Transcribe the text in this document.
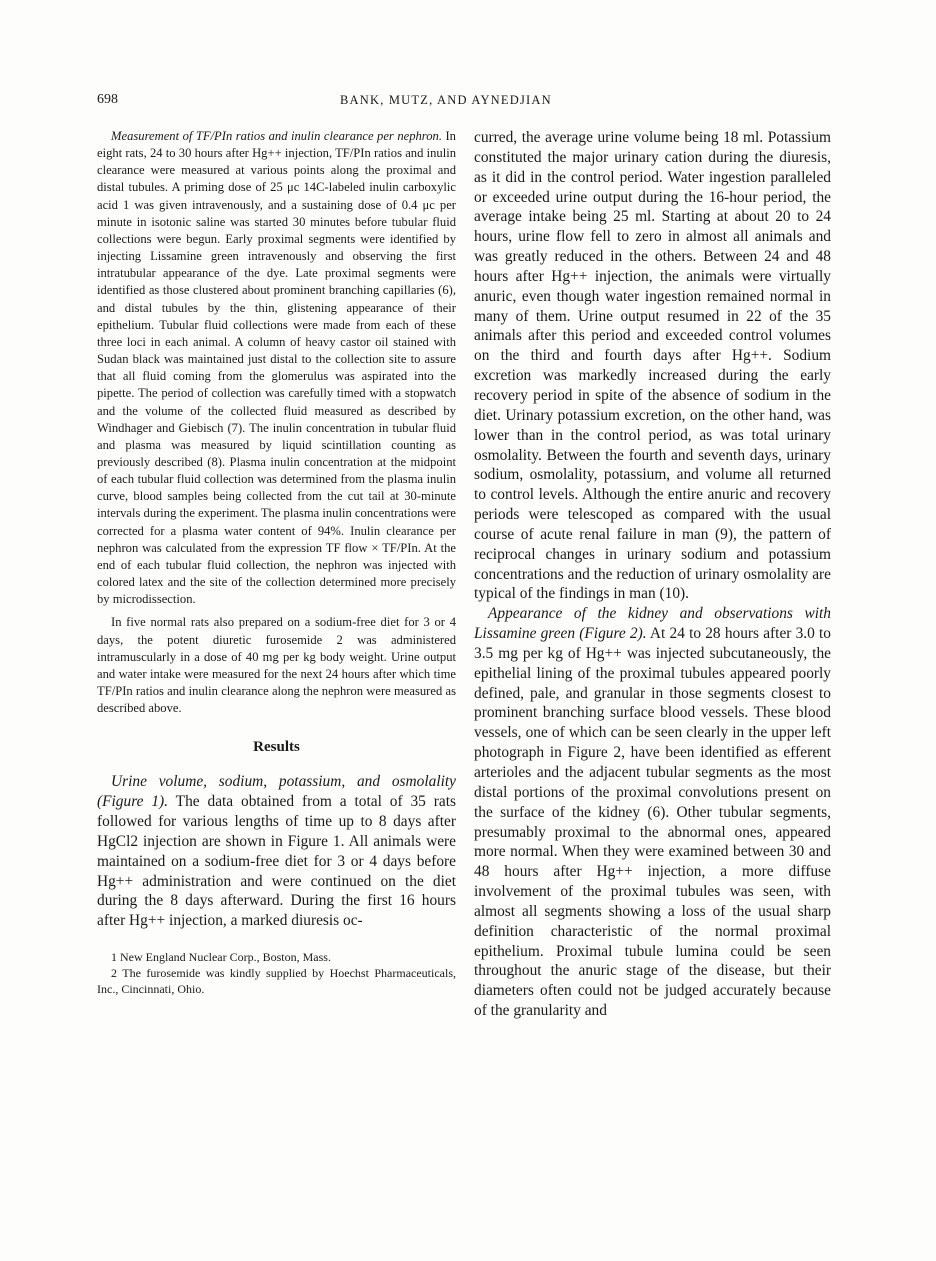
698	BANK, MUTZ, AND AYNEDJIAN

Measurement of TF/PIn ratios and inulin clearance per nephron. In eight rats, 24 to 30 hours after Hg++ injection, TF/PIn ratios and inulin clearance were measured at various points along the proximal and distal tubules. A priming dose of 25 μc 14C-labeled inulin carboxylic acid 1 was given intravenously, and a sustaining dose of 0.4 μc per minute in isotonic saline was started 30 minutes before tubular fluid collections were begun. Early proximal segments were identified by injecting Lissamine green intravenously and observing the first intratubular appearance of the dye. Late proximal segments were identified as those clustered about prominent branching capillaries (6), and distal tubules by the thin, glistening appearance of their epithelium. Tubular fluid collections were made from each of these three loci in each animal. A column of heavy castor oil stained with Sudan black was maintained just distal to the collection site to assure that all fluid coming from the glomerulus was aspirated into the pipette. The period of collection was carefully timed with a stopwatch and the volume of the collected fluid measured as described by Windhager and Giebisch (7). The inulin concentration in tubular fluid and plasma was measured by liquid scintillation counting as previously described (8). Plasma inulin concentration at the midpoint of each tubular fluid collection was determined from the plasma inulin curve, blood samples being collected from the cut tail at 30-minute intervals during the experiment. The plasma inulin concentrations were corrected for a plasma water content of 94%. Inulin clearance per nephron was calculated from the expression TF flow × TF/PIn. At the end of each tubular fluid collection, the nephron was injected with colored latex and the site of the collection determined more precisely by microdissection.

In five normal rats also prepared on a sodium-free diet for 3 or 4 days, the potent diuretic furosemide 2 was administered intramuscularly in a dose of 40 mg per kg body weight. Urine output and water intake were measured for the next 24 hours after which time TF/PIn ratios and inulin clearance along the nephron were measured as described above.

Results

Urine volume, sodium, potassium, and osmolality (Figure 1). The data obtained from a total of 35 rats followed for various lengths of time up to 8 days after HgCl2 injection are shown in Figure 1. All animals were maintained on a sodium-free diet for 3 or 4 days before Hg++ administration and were continued on the diet during the 8 days afterward. During the first 16 hours after Hg++ injection, a marked diuresis oc-

1 New England Nuclear Corp., Boston, Mass.
2 The furosemide was kindly supplied by Hoechst Pharmaceuticals, Inc., Cincinnati, Ohio.

curred, the average urine volume being 18 ml. Potassium constituted the major urinary cation during the diuresis, as it did in the control period. Water ingestion paralleled or exceeded urine output during the 16-hour period, the average intake being 25 ml. Starting at about 20 to 24 hours, urine flow fell to zero in almost all animals and was greatly reduced in the others. Between 24 and 48 hours after Hg++ injection, the animals were virtually anuric, even though water ingestion remained normal in many of them. Urine output resumed in 22 of the 35 animals after this period and exceeded control volumes on the third and fourth days after Hg++. Sodium excretion was markedly increased during the early recovery period in spite of the absence of sodium in the diet. Urinary potassium excretion, on the other hand, was lower than in the control period, as was total urinary osmolality. Between the fourth and seventh days, urinary sodium, osmolality, potassium, and volume all returned to control levels. Although the entire anuric and recovery periods were telescoped as compared with the usual course of acute renal failure in man (9), the pattern of reciprocal changes in urinary sodium and potassium concentrations and the reduction of urinary osmolality are typical of the findings in man (10).

Appearance of the kidney and observations with Lissamine green (Figure 2). At 24 to 28 hours after 3.0 to 3.5 mg per kg of Hg++ was injected subcutaneously, the epithelial lining of the proximal tubules appeared poorly defined, pale, and granular in those segments closest to prominent branching surface blood vessels. These blood vessels, one of which can be seen clearly in the upper left photograph in Figure 2, have been identified as efferent arterioles and the adjacent tubular segments as the most distal portions of the proximal convolutions present on the surface of the kidney (6). Other tubular segments, presumably proximal to the abnormal ones, appeared more normal. When they were examined between 30 and 48 hours after Hg++ injection, a more diffuse involvement of the proximal tubules was seen, with almost all segments showing a loss of the usual sharp definition characteristic of the normal proximal epithelium. Proximal tubule lumina could be seen throughout the anuric stage of the disease, but their diameters often could not be judged accurately because of the granularity and
